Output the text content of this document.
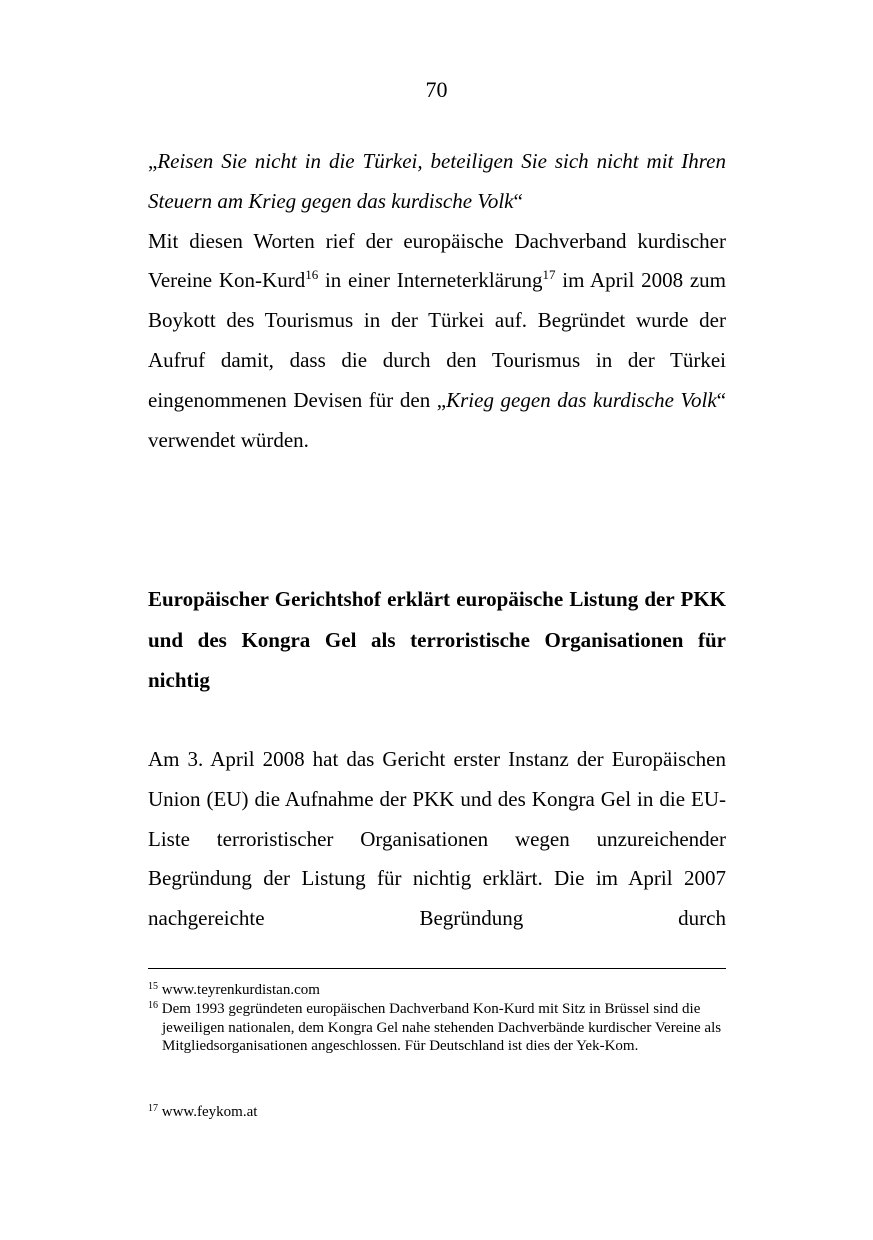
70

„Reisen Sie nicht in die Türkei, beteiligen Sie sich nicht mit Ihren Steuern am Krieg gegen das kurdische Volk“

Mit diesen Worten rief der europäische Dachverband kurdischer Vereine Kon-Kurd$^{16}$ in einer Interneterklärung$^{17}$ im April 2008 zum Boykott des Tourismus in der Türkei auf. Begründet wurde der Aufruf damit, dass die durch den Tourismus in der Türkei eingenommenen Devisen für den „Krieg gegen das kurdische Volk“ verwendet würden.

Europäischer Gerichtshof erklärt europäische Listung der PKK und des Kongra Gel als terroristische Organisationen für nichtig

Am 3. April 2008 hat das Gericht erster Instanz der Europäischen Union (EU) die Aufnahme der PKK und des Kongra Gel in die EU-Liste terroristischer Organisationen wegen unzureichender Begründung der Listung für nichtig erklärt. Die im April 2007 nachgereichte Begründung durch

$^{15}$ www.teyrenkurdistan.com
$^{16}$ Dem 1993 gegründeten europäischen Dachverband Kon-Kurd mit Sitz in Brüssel sind die jeweiligen nationalen, dem Kongra Gel nahe stehenden Dachverbände kurdischer Vereine als Mitgliedsorganisationen angeschlossen. Für Deutschland ist dies der Yek-Kom.
$^{17}$ www.feykom.at
